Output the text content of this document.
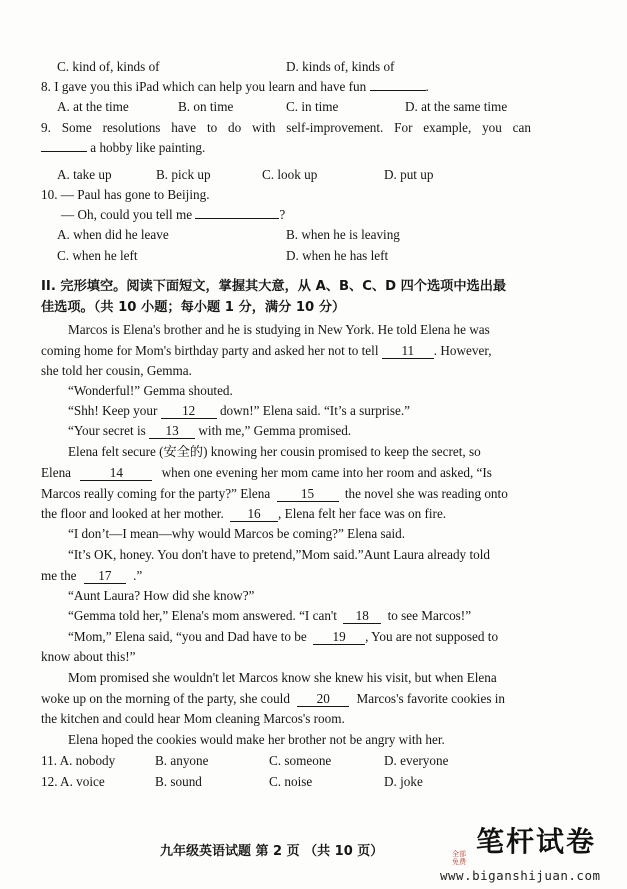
C. kind of, kinds of	D. kinds of, kinds of
8. I gave you this iPad which can help you learn and have fun	.
A. at the time	B. on time	C. in time	D. at the same time
9. Some resolutions have to do with self-improvement. For example, you can
a hobby like painting.
A. take up	B. pick up	C. look up	D. put up
10. — Paul has gone to Beijing.
— Oh, could you tell me	?
A. when did he leave	B. when he is leaving
C. when he left	D. when he has left
II. 完形填空。阅读下面短文，掌握其大意，从 A、B、C、D 四个选项中选出最
佳选项。（共 10 小题；每小题 1 分，满分 10 分）
Marcos is Elena's brother and he is studying in New York. He told Elena he was
coming home for Mom's birthday party and asked her not to tell 11 . However,
she told her cousin, Gemma.
“Wonderful!” Gemma shouted.
“Shh! Keep your 12 down!” Elena said. “It’s a surprise.”
“Your secret is 13 with me,” Gemma promised.
Elena felt secure (安全的) knowing her cousin promised to keep the secret, so
Elena	14	when one evening her mom came into her room and asked, “Is
Marcos really coming for the party?” Elena 15 the novel she was reading onto
the floor and looked at her mother. 16 , Elena felt her face was on fire.
“I don’t—I mean—why would Marcos be coming?” Elena said.
“It’s OK, honey. You don't have to pretend,”Mom said.”Aunt Laura already told
me the 17 .”
“Aunt Laura? How did she know?”
“Gemma told her,” Elena's mom answered. “I can't 18 to see Marcos!”
“Mom,” Elena said, “you and Dad have to be 19 , You are not supposed to
know about this!”
Mom promised she wouldn't let Marcos know she knew his visit, but when Elena
woke up on the morning of the party, she could 20 Marcos's favorite cookies in
the kitchen and could hear Mom cleaning Marcos's room.
Elena hoped the cookies would make her brother not be angry with her.
11. A. nobody	B. anyone	C. someone	D. everyone
12. A. voice	B. sound	C. noise	D. joke
九年级英语试题 第 2 页 （共 10 页）	全部免费
笔杆试卷
www.biganshijuan.com
